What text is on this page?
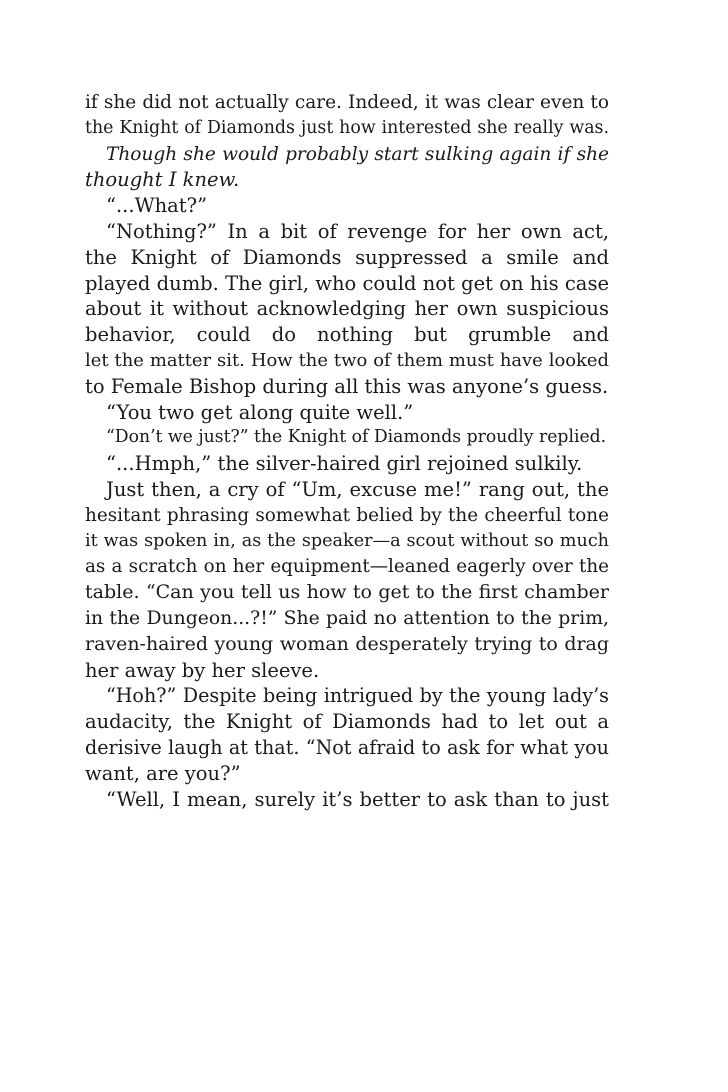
if she did not actually care. Indeed, it was clear even to
the Knight of Diamonds just how interested she really was.
Though she would probably start sulking again if she
thought I knew.
“...What?”
“Nothing?” In a bit of revenge for her own act,
the Knight of Diamonds suppressed a smile and
played dumb. The girl, who could not get on his case
about it without acknowledging her own suspicious
behavior, could do nothing but grumble and
let the matter sit. How the two of them must have looked
to Female Bishop during all this was anyone’s guess.
“You two get along quite well.”
“Don’t we just?” the Knight of Diamonds proudly replied.
“...Hmph,” the silver-haired girl rejoined sulkily.
Just then, a cry of “Um, excuse me!” rang out, the
hesitant phrasing somewhat belied by the cheerful tone
it was spoken in, as the speaker—a scout without so much
as a scratch on her equipment—leaned eagerly over the
table. “Can you tell us how to get to the first chamber
in the Dungeon...?!” She paid no attention to the prim,
raven-haired young woman desperately trying to drag
her away by her sleeve.
“Hoh?” Despite being intrigued by the young lady’s
audacity, the Knight of Diamonds had to let out a
derisive laugh at that. “Not afraid to ask for what you
want, are you?”
“Well, I mean, surely it’s better to ask than to just
